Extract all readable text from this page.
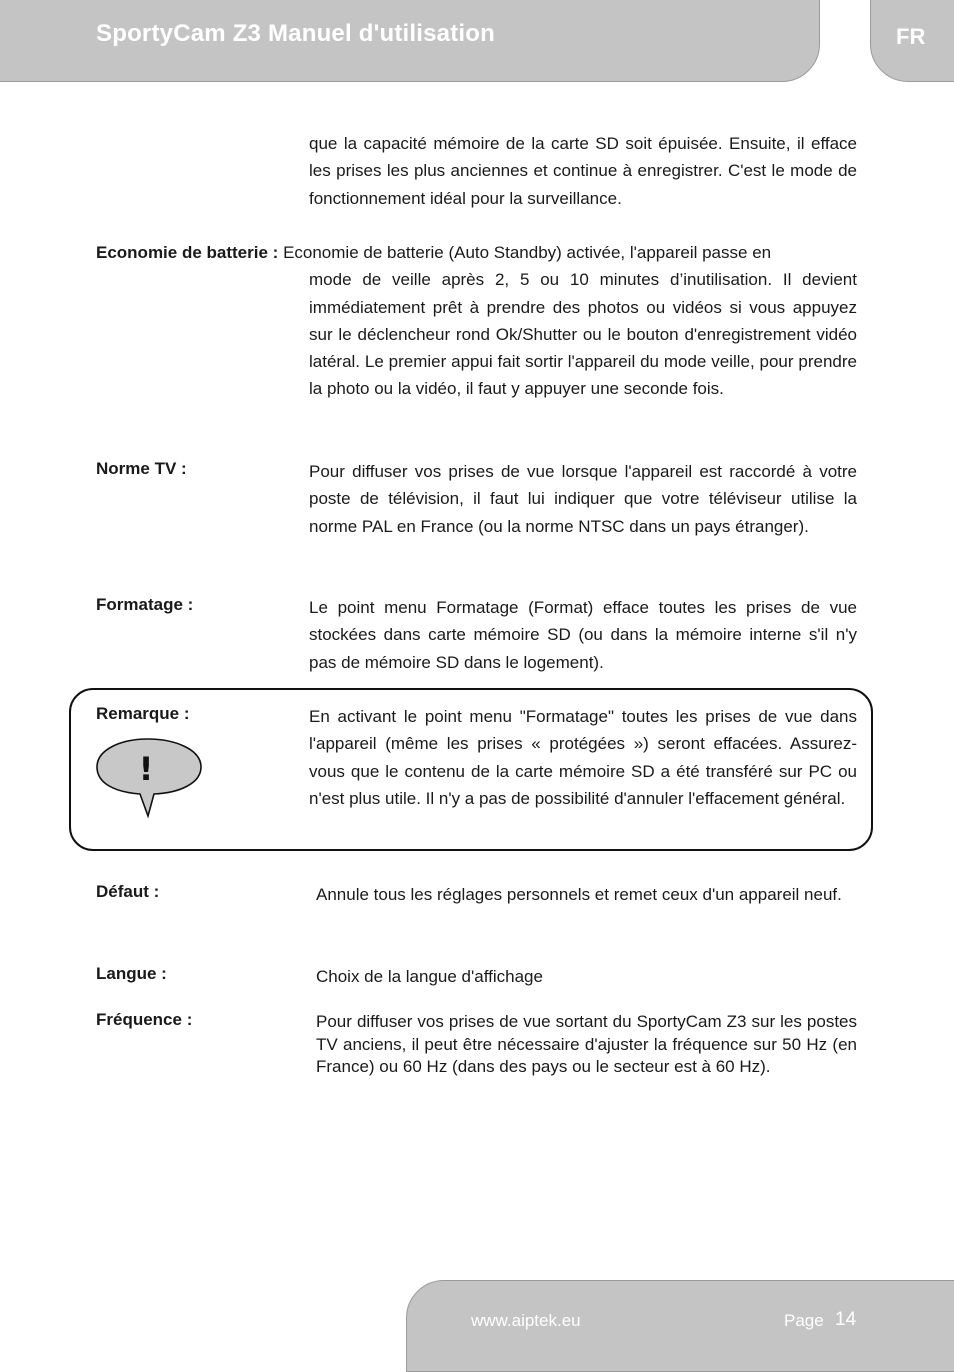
SportyCam Z3 Manuel d'utilisation	FR
que la capacité mémoire de la carte SD soit épuisée. Ensuite, il efface les prises les plus anciennes et continue à enregistrer. C'est le mode de fonctionnement idéal pour la surveillance.
Economie de batterie : Economie de batterie (Auto Standby) activée, l'appareil passe en
mode de veille après 2, 5 ou 10 minutes d’inutilisation. Il devient immédiatement prêt à prendre des photos ou vidéos si vous appuyez sur le déclencheur rond Ok/Shutter ou le bouton d'enregistrement vidéo latéral. Le premier appui fait sortir l'appareil du mode veille, pour prendre la photo ou la vidéo, il faut y appuyer une seconde fois.
Norme TV :	Pour diffuser vos prises de vue lorsque l'appareil est raccordé à votre poste de télévision, il faut lui indiquer que votre téléviseur utilise la norme PAL en France (ou la norme NTSC dans un pays étranger).
Formatage :	Le point menu Formatage (Format) efface toutes les prises de vue stockées dans carte mémoire SD (ou dans la mémoire interne s'il n'y pas de mémoire SD dans le logement).
Remarque :
!
En activant le point menu "Formatage" toutes les prises de vue dans l'appareil (même les prises « protégées ») seront effacées. Assurez-vous que le contenu de la carte mémoire SD a été transféré sur PC ou n'est plus utile. Il n'y a pas de possibilité d'annuler l'effacement général.
Défaut :	Annule tous les réglages personnels et remet ceux d'un appareil neuf.
Langue :	Choix de la langue d'affichage
Fréquence :	Pour diffuser vos prises de vue sortant du SportyCam Z3 sur les postes TV anciens, il peut être nécessaire d'ajuster la fréquence sur 50 Hz (en France) ou 60 Hz (dans des pays ou le secteur est à 60 Hz).
www.aiptek.eu	Page 14
